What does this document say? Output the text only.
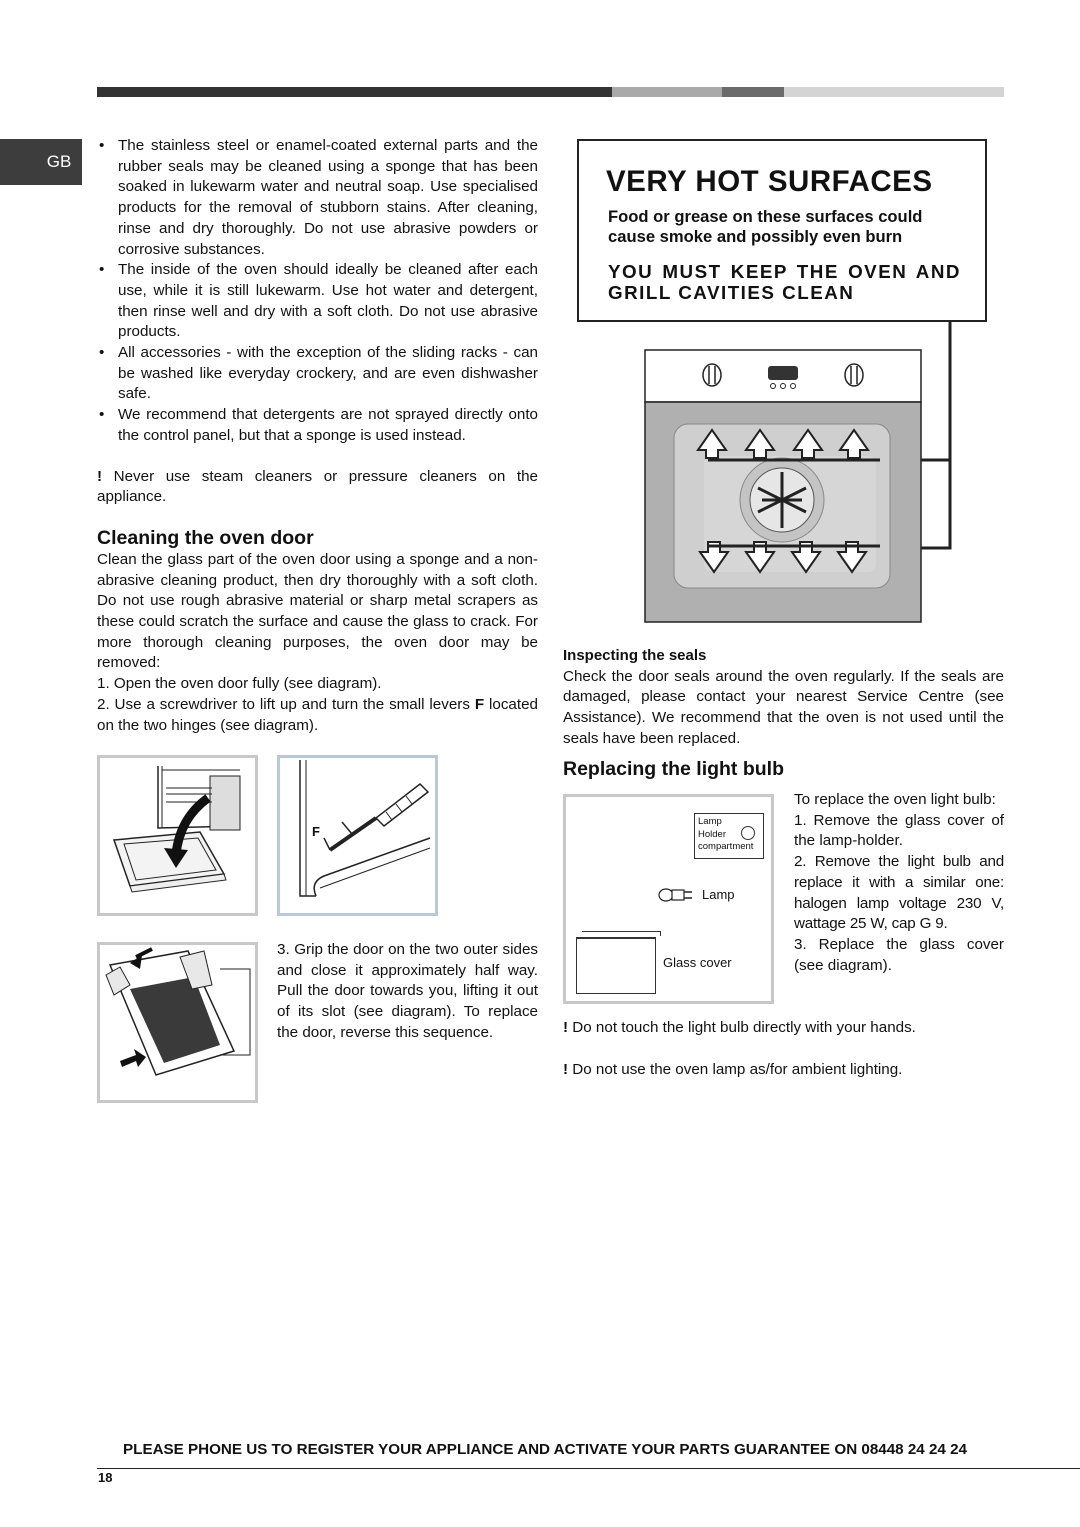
GB
• The stainless steel or enamel-coated external parts and the rubber seals may be cleaned using a sponge that has been soaked in lukewarm water and neutral soap. Use specialised products for the removal of stubborn stains. After cleaning, rinse and dry thoroughly. Do not use abrasive powders or corrosive substances.
• The inside of the oven should ideally be cleaned after each use, while it is still lukewarm. Use hot water and detergent, then rinse well and dry with a soft cloth. Do not use abrasive products.
• All accessories - with the exception of the sliding racks - can be washed like everyday crockery, and are even dishwasher safe.
• We recommend that detergents are not sprayed directly onto the control panel, but that a sponge is used instead.

! Never use steam cleaners or pressure cleaners on the appliance.

Cleaning the oven door

Clean the glass part of the oven door using a sponge and a non-abrasive cleaning product, then dry thoroughly with a soft cloth. Do not use rough abrasive material or sharp metal scrapers as these could scratch the surface and cause the glass to crack. For more thorough cleaning purposes, the oven door may be removed:

1. Open the oven door fully (see diagram).

2. Use a screwdriver to lift up and turn the small levers F located on the two hinges (see diagram).

F

3. Grip the door on the two outer sides and close it approximately half way. Pull the door towards you, lifting it out of its slot (see diagram). To replace the door, reverse this sequence.

VERY HOT SURFACES
Food or grease on these surfaces could cause smoke and possibly even burn
YOU MUST KEEP THE OVEN AND GRILL CAVITIES CLEAN
Inspecting the seals

Check the door seals around the oven regularly. If the seals are damaged, please contact your nearest Service Centre (see Assistance). We recommend that the oven is not used until the seals have been replaced.

Replacing the light bulb
Lamp
Holder
compartment
Lamp
Glass cover

To replace the oven light bulb:

1. Remove the glass cover of the lamp-holder.

2. Remove the light bulb and replace it with a similar one: halogen lamp voltage 230 V, wattage 25 W, cap G 9.

3. Replace the glass cover (see diagram).

! Do not touch the light bulb directly with your hands.

! Do not use the oven lamp as/for ambient lighting.

PLEASE PHONE US TO REGISTER YOUR APPLIANCE AND ACTIVATE YOUR PARTS GUARANTEE ON 08448 24 24 24
18
